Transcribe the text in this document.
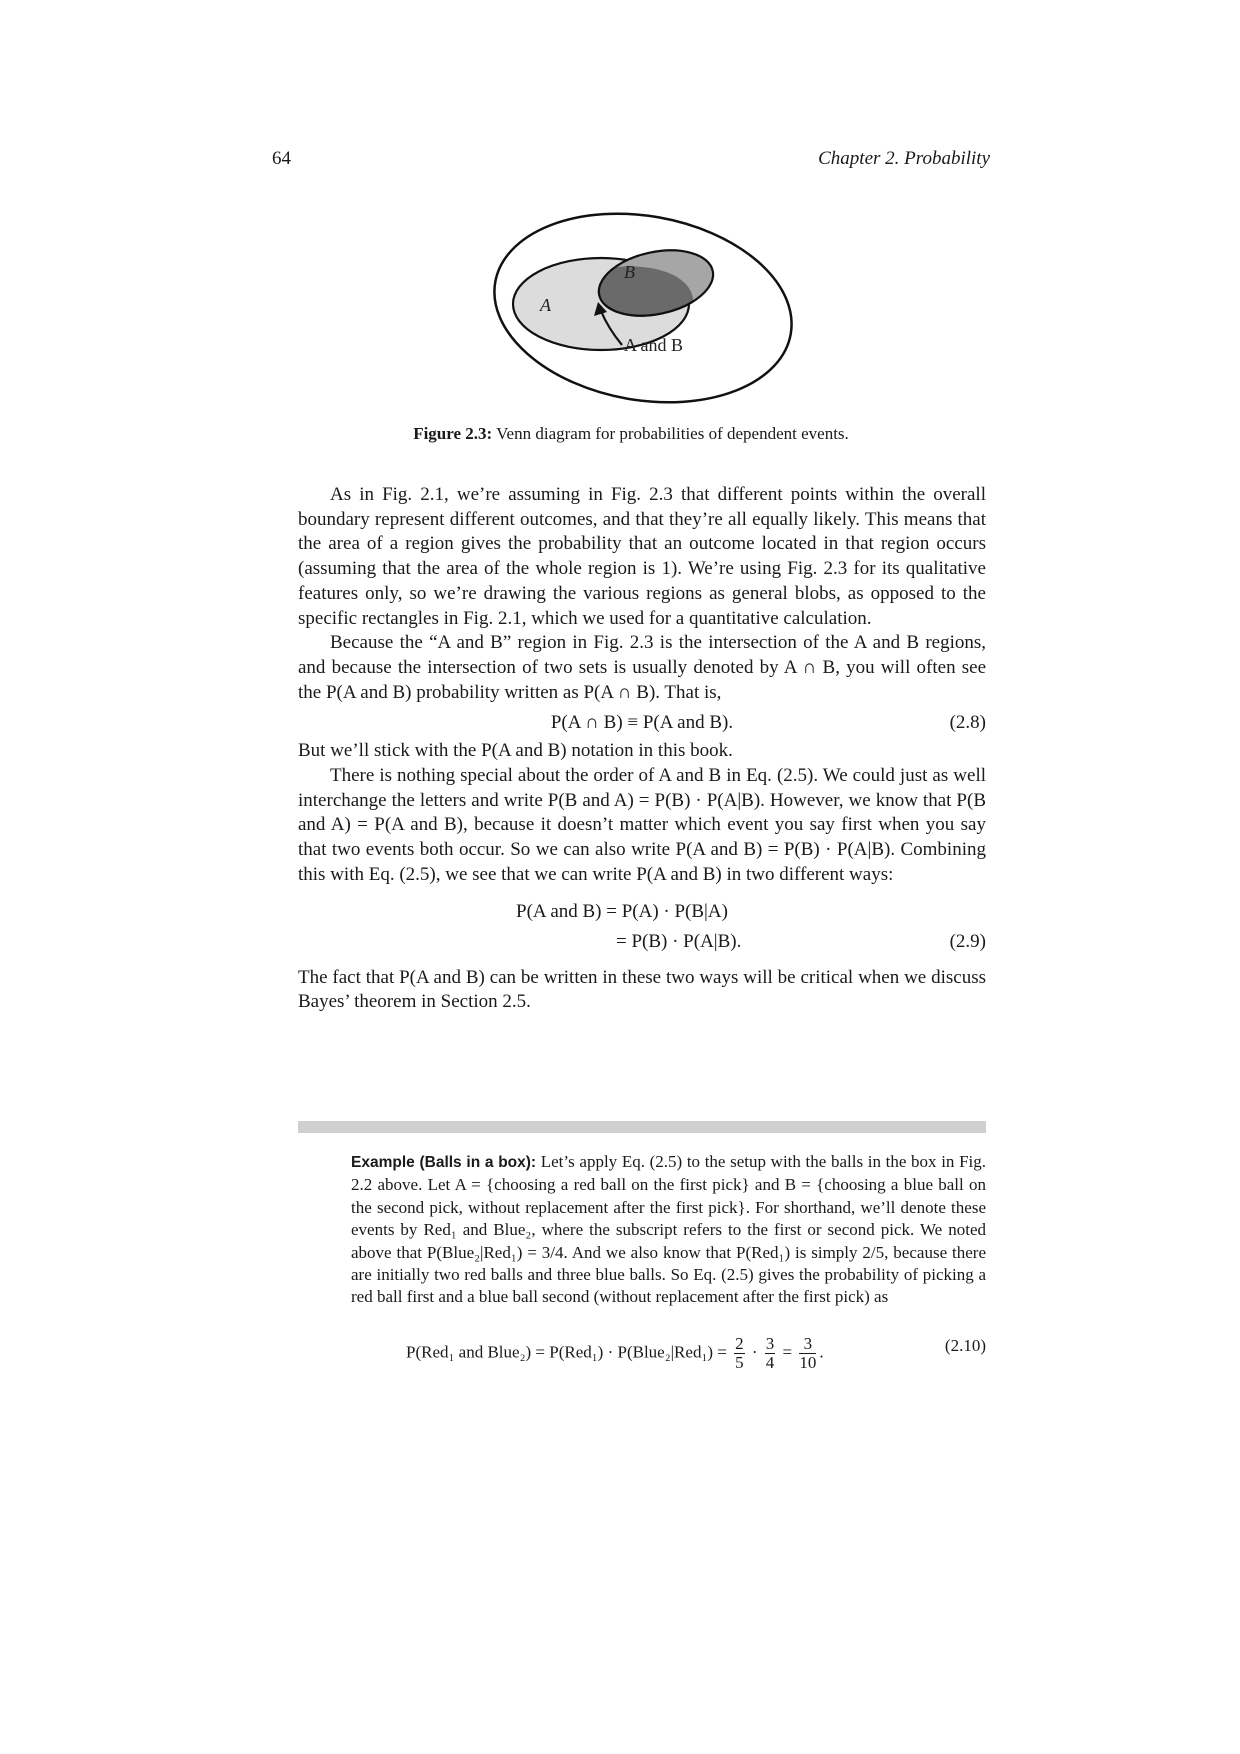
64	Chapter 2. Probability
A
B
A and B
Figure 2.3: Venn diagram for probabilities of dependent events.

As in Fig. 2.1, we’re assuming in Fig. 2.3 that different points within the overall boundary represent different outcomes, and that they’re all equally likely. This means that the area of a region gives the probability that an outcome located in that region occurs (assuming that the area of the whole region is 1). We’re using Fig. 2.3 for its qualitative features only, so we’re drawing the various regions as general blobs, as opposed to the specific rectangles in Fig. 2.1, which we used for a quantitative calculation.

Because the “A and B” region in Fig. 2.3 is the intersection of the A and B regions, and because the intersection of two sets is usually denoted by A ∩ B, you will often see the P(A and B) probability written as P(A ∩ B). That is,

P(A ∩ B) ≡ P(A and B).	(2.8)

But we’ll stick with the P(A and B) notation in this book.

There is nothing special about the order of A and B in Eq. (2.5). We could just as well interchange the letters and write P(B and A) = P(B) · P(A|B). However, we know that P(B and A) = P(A and B), because it doesn’t matter which event you say first when you say that two events both occur. So we can also write P(A and B) = P(B) · P(A|B). Combining this with Eq. (2.5), we see that we can write P(A and B) in two different ways:

P(A and B) = P(A) · P(B|A)
= P(B) · P(A|B).	(2.9)

The fact that P(A and B) can be written in these two ways will be critical when we discuss Bayes’ theorem in Section 2.5.

Example (Balls in a box): Let’s apply Eq. (2.5) to the setup with the balls in the box in Fig. 2.2 above. Let A = {choosing a red ball on the first pick} and B = {choosing a blue ball on the second pick, without replacement after the first pick}. For shorthand, we’ll denote these events by Red₁ and Blue₂, where the subscript refers to the first or second pick. We noted above that P(Blue₂|Red₁) = 3/4. And we also know that P(Red₁) is simply 2/5, because there are initially two red balls and three blue balls. So Eq. (2.5) gives the probability of picking a red ball first and a blue ball second (without replacement after the first pick) as

P(Red₁ and Blue₂) = P(Red₁) · P(Blue₂|Red₁) = $\frac{2}{5} \cdot \frac{3}{4} = \frac{3}{10}$ .	(2.10)
